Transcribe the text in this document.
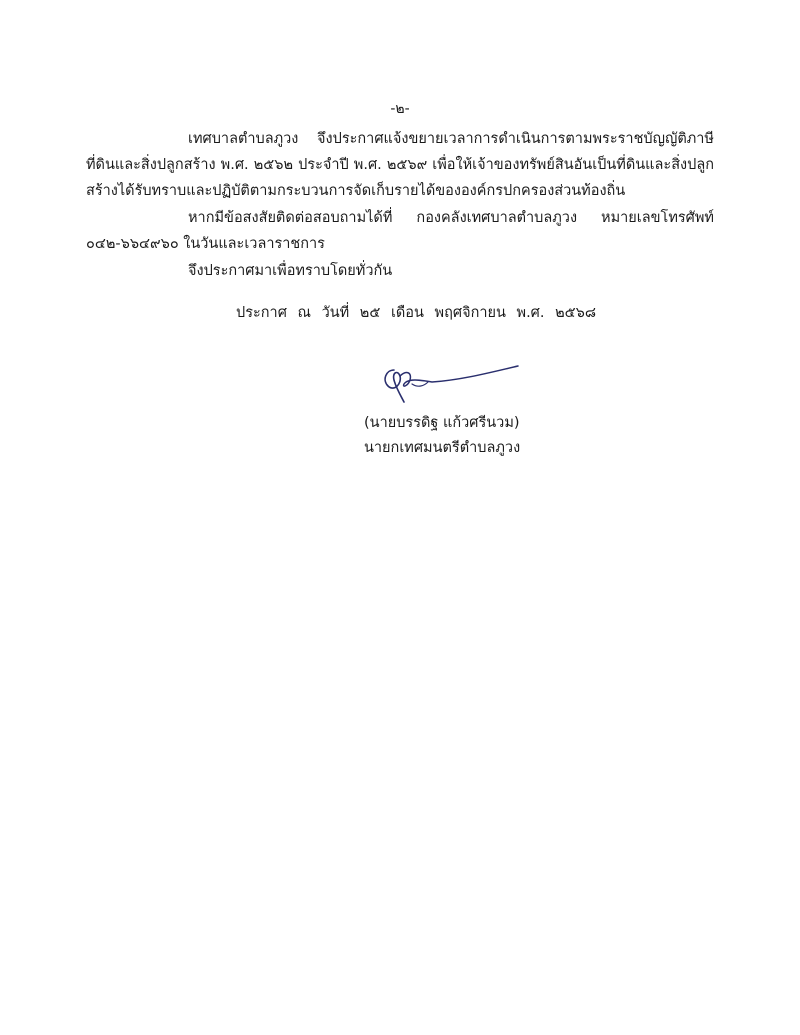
-๒-

เทศบาลตำบลภูวง จึงประกาศแจ้งขยายเวลาการดำเนินการตามพระราชบัญญัติภาษีที่ดินและสิ่งปลูกสร้าง พ.ศ. ๒๕๖๒ ประจำปี พ.ศ. ๒๕๖๙ เพื่อให้เจ้าของทรัพย์สินอันเป็นที่ดินและสิ่งปลูกสร้างได้รับทราบและปฏิบัติตามกระบวนการจัดเก็บรายได้ขององค์กรปกครองส่วนท้องถิ่น

หากมีข้อสงสัยติดต่อสอบถามได้ที่ กองคลังเทศบาลตำบลภูวง หมายเลขโทรศัพท์ ๐๔๒-๖๖๔๙๖๐ ในวันและเวลาราชการ

จึงประกาศมาเพื่อทราบโดยทั่วกัน
ประกาศ ณ วันที่ ๒๕ เดือน พฤศจิกายน พ.ศ. ๒๕๖๘
(นายบรรดิฐ แก้วศรีนวม)
นายกเทศมนตรีตำบลภูวง
